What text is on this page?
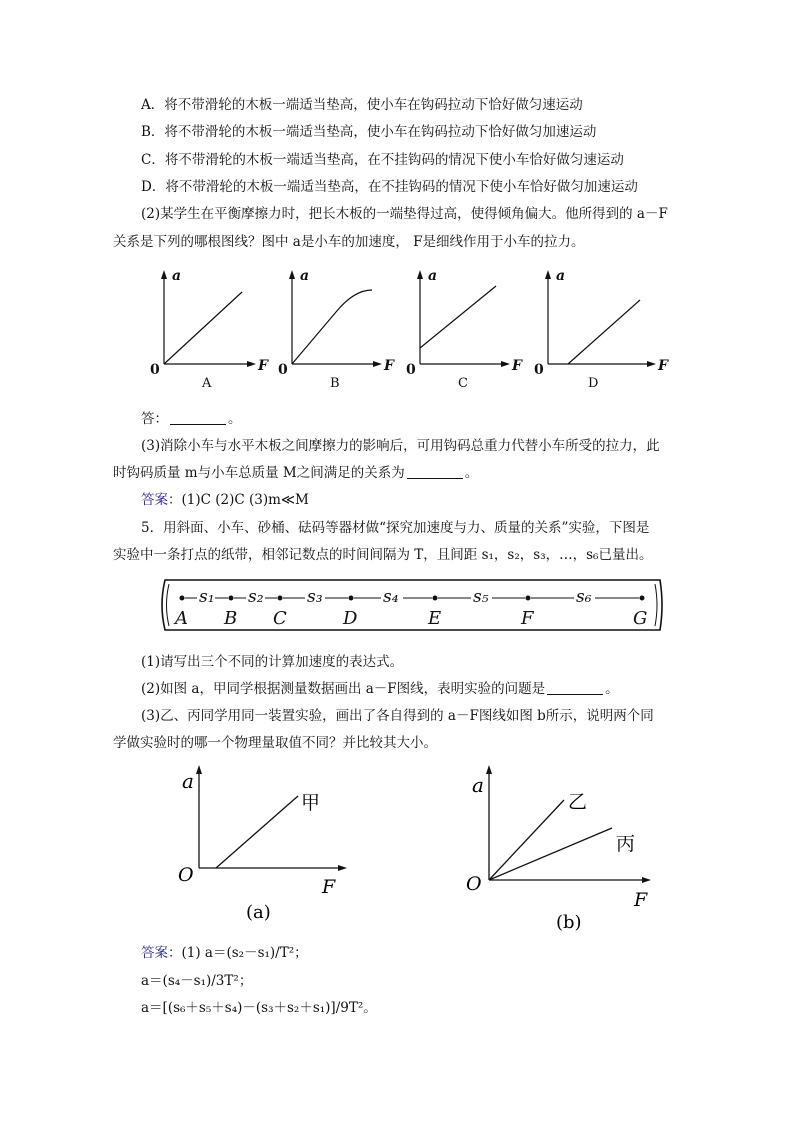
A．将不带滑轮的木板一端适当垫高，使小车在钩码拉动下恰好做匀速运动
B．将不带滑轮的木板一端适当垫高，使小车在钩码拉动下恰好做匀加速运动
C．将不带滑轮的木板一端适当垫高，在不挂钩码的情况下使小车恰好做匀速运动
D．将不带滑轮的木板一端适当垫高，在不挂钩码的情况下使小车恰好做匀加速运动
(2)某学生在平衡摩擦力时，把长木板的一端垫得过高，使得倾角偏大。他所得到的 a－F
关系是下列的哪根图线？图中 a是小车的加速度， F是细线作用于小车的拉力。
a
F
0
a
F
0
a
F
0
a
F
0
A	B	C	D
答：	。
(3)消除小车与水平木板之间摩擦力的影响后，可用钩码总重力代替小车所受的拉力，此
时钩码质量 m与小车总质量 M之间满足的关系为	。
答案：(1)C (2)C (3)m≪M
5．用斜面、小车、砂桶、砝码等器材做“探究加速度与力、质量的关系”实验，下图是
实验中一条打点的纸带，相邻记数点的时间间隔为 T，且间距 s₁，s₂，s₃，…，s₆已量出。
s₁ s₂	s₃	s₄	s₅	s₆
A B C	D	E	F	G
(1)请写出三个不同的计算加速度的表达式。
(2)如图 a，甲同学根据测量数据画出 a－F图线，表明实验的问题是	。
(3)乙、丙同学用同一装置实验，画出了各自得到的 a－F图线如图 b所示，说明两个同
学做实验时的哪一个物理量取值不同？并比较其大小。
a
O
F
甲
(a)
a
O
F
乙
丙
(b)
答案：(1) a＝(s₂－s₁)/T²；
a＝(s₄－s₁)/3T²；
a＝[(s₆＋s₅＋s₄)－(s₃＋s₂＋s₁)]/9T²。
